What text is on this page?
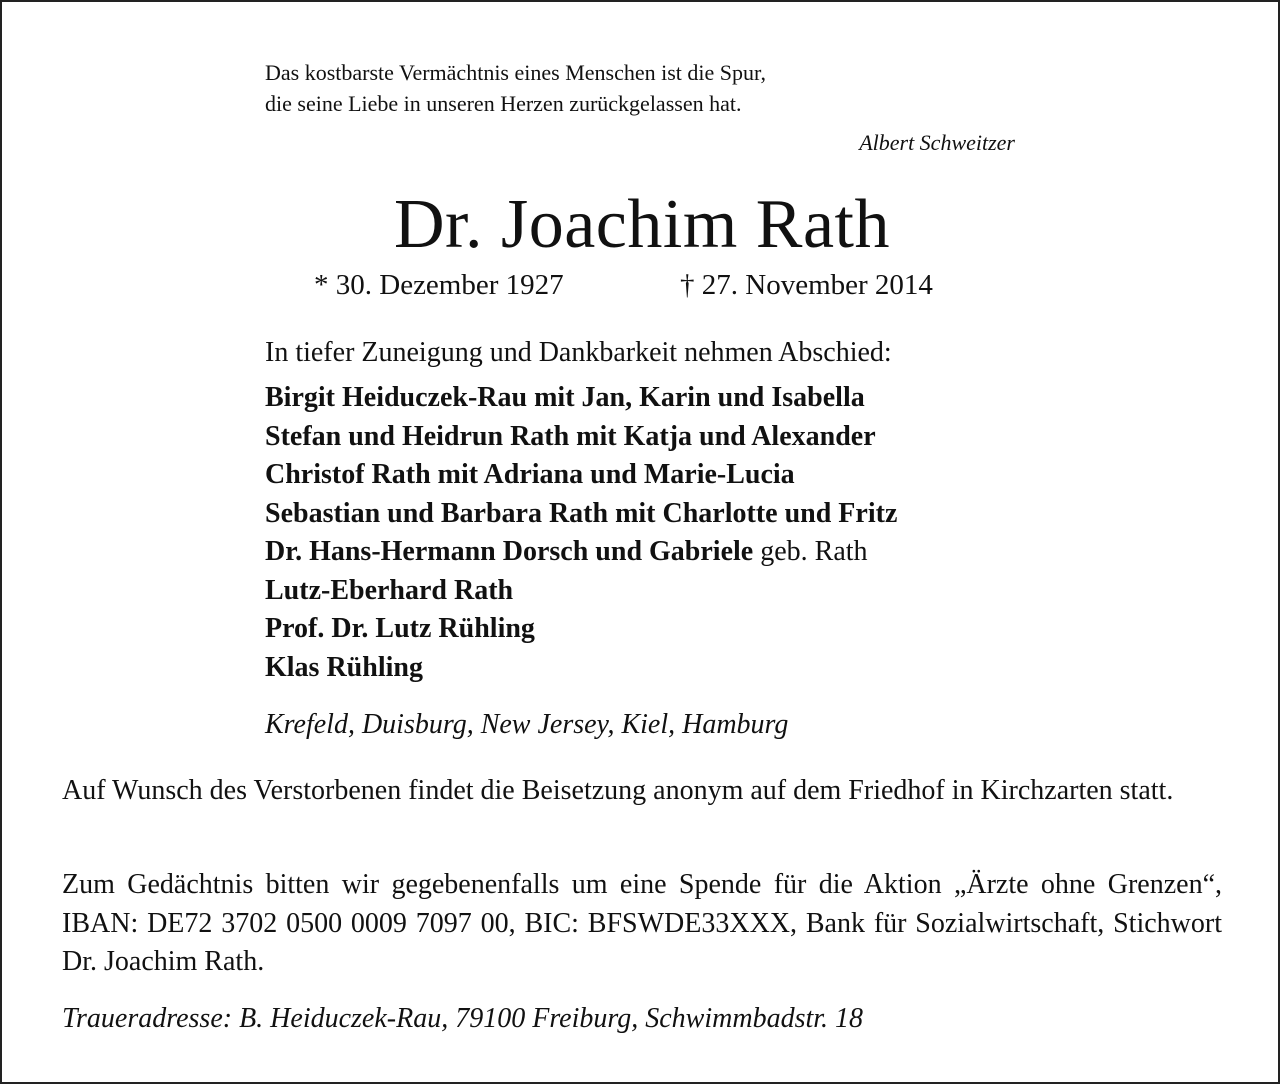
Das kostbarste Vermächtnis eines Menschen ist die Spur,
die seine Liebe in unseren Herzen zurückgelassen hat.
Albert Schweitzer
Dr. Joachim Rath
* 30. Dezember 1927	† 27. November 2014
In tiefer Zuneigung und Dankbarkeit nehmen Abschied:
Birgit Heiduczek-Rau mit Jan, Karin und Isabella
Stefan und Heidrun Rath mit Katja und Alexander
Christof Rath mit Adriana und Marie-Lucia
Sebastian und Barbara Rath mit Charlotte und Fritz
Dr. Hans-Hermann Dorsch und Gabriele geb. Rath
Lutz-Eberhard Rath
Prof. Dr. Lutz Rühling
Klas Rühling
Krefeld, Duisburg, New Jersey, Kiel, Hamburg
Auf Wunsch des Verstorbenen findet die Beisetzung anonym auf dem Friedhof in Kirchzarten statt.
Zum Gedächtnis bitten wir gegebenenfalls um eine Spende für die Aktion „Ärzte ohne Grenzen“, IBAN: DE72 3702 0500 0009 7097 00, BIC: BFSWDE33XXX, Bank für Sozialwirtschaft, Stichwort Dr. Joachim Rath.
Traueradresse: B. Heiduczek-Rau, 79100 Freiburg, Schwimmbadstr. 18
